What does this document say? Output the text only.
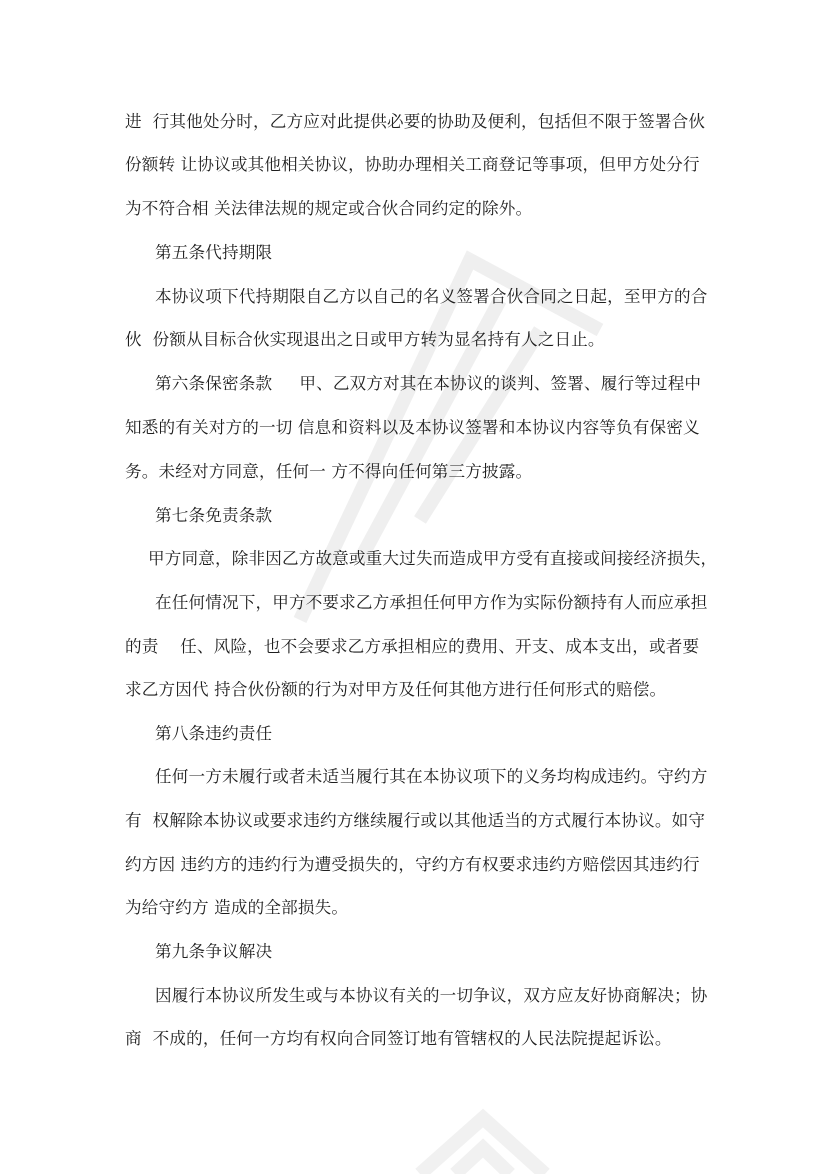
进  行其他处分时，乙方应对此提供必要的协助及便利，包括但不限于签署合伙
份额转 让协议或其他相关协议，协助办理相关工商登记等事项，但甲方处分行
为不符合相 关法律法规的规定或合伙合同约定的除外。
第五条代持期限
本协议项下代持期限自乙方以自己的名义签署合伙合同之日起，至甲方的合
伙  份额从目标合伙实现退出之日或甲方转为显名持有人之日止。
第六条保密条款     甲、乙双方对其在本协议的谈判、签署、履行等过程中
知悉的有关对方的一切 信息和资料以及本协议签署和本协议内容等负有保密义
务。未经对方同意，任何一 方不得向任何第三方披露。
第七条免责条款
甲方同意，除非因乙方故意或重大过失而造成甲方受有直接或间接经济损失，
在任何情况下，甲方不要求乙方承担任何甲方作为实际份额持有人而应承担
的责    任、风险，也不会要求乙方承担相应的费用、开支、成本支出，或者要
求乙方因代 持合伙份额的行为对甲方及任何其他方进行任何形式的赔偿。
第八条违约责任
任何一方未履行或者未适当履行其在本协议项下的义务均构成违约。守约方
有  权解除本协议或要求违约方继续履行或以其他适当的方式履行本协议。如守
约方因 违约方的违约行为遭受损失的，守约方有权要求违约方赔偿因其违约行
为给守约方 造成的全部损失。
第九条争议解决
因履行本协议所发生或与本协议有关的一切争议，双方应友好协商解决；协
商  不成的，任何一方均有权向合同签订地有管辖权的人民法院提起诉讼。
